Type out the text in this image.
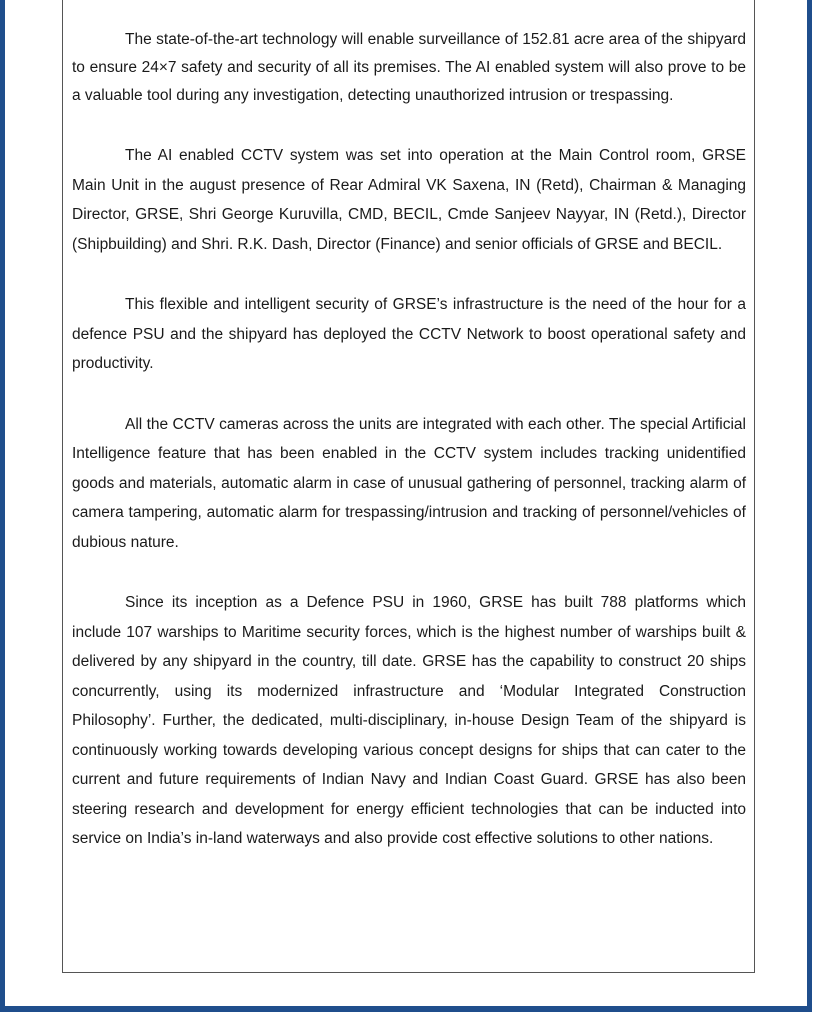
The state-of-the-art technology will enable surveillance of 152.81 acre area of the shipyard to ensure 24×7 safety and security of all its premises. The AI enabled system will also prove to be a valuable tool during any investigation, detecting unauthorized intrusion or trespassing.

The AI enabled CCTV system was set into operation at the Main Control room, GRSE Main Unit in the august presence of Rear Admiral VK Saxena, IN (Retd), Chairman & Managing Director, GRSE, Shri George Kuruvilla, CMD, BECIL, Cmde Sanjeev Nayyar, IN (Retd.), Director (Shipbuilding) and Shri. R.K. Dash, Director (Finance) and senior officials of GRSE and BECIL.

This flexible and intelligent security of GRSE’s infrastructure is the need of the hour for a defence PSU and the shipyard has deployed the CCTV Network to boost operational safety and productivity.

All the CCTV cameras across the units are integrated with each other. The special Artificial Intelligence feature that has been enabled in the CCTV system includes tracking unidentified goods and materials, automatic alarm in case of unusual gathering of personnel, tracking alarm of camera tampering, automatic alarm for trespassing/intrusion and tracking of personnel/vehicles of dubious nature.

Since its inception as a Defence PSU in 1960, GRSE has built 788 platforms which include 107 warships to Maritime security forces, which is the highest number of warships built & delivered by any shipyard in the country, till date. GRSE has the capability to construct 20 ships concurrently, using its modernized infrastructure and ‘Modular Integrated Construction Philosophy’. Further, the dedicated, multi-disciplinary, in-house Design Team of the shipyard is continuously working towards developing various concept designs for ships that can cater to the current and future requirements of Indian Navy and Indian Coast Guard. GRSE has also been steering research and development for energy efficient technologies that can be inducted into service on India’s in-land waterways and also provide cost effective solutions to other nations.
